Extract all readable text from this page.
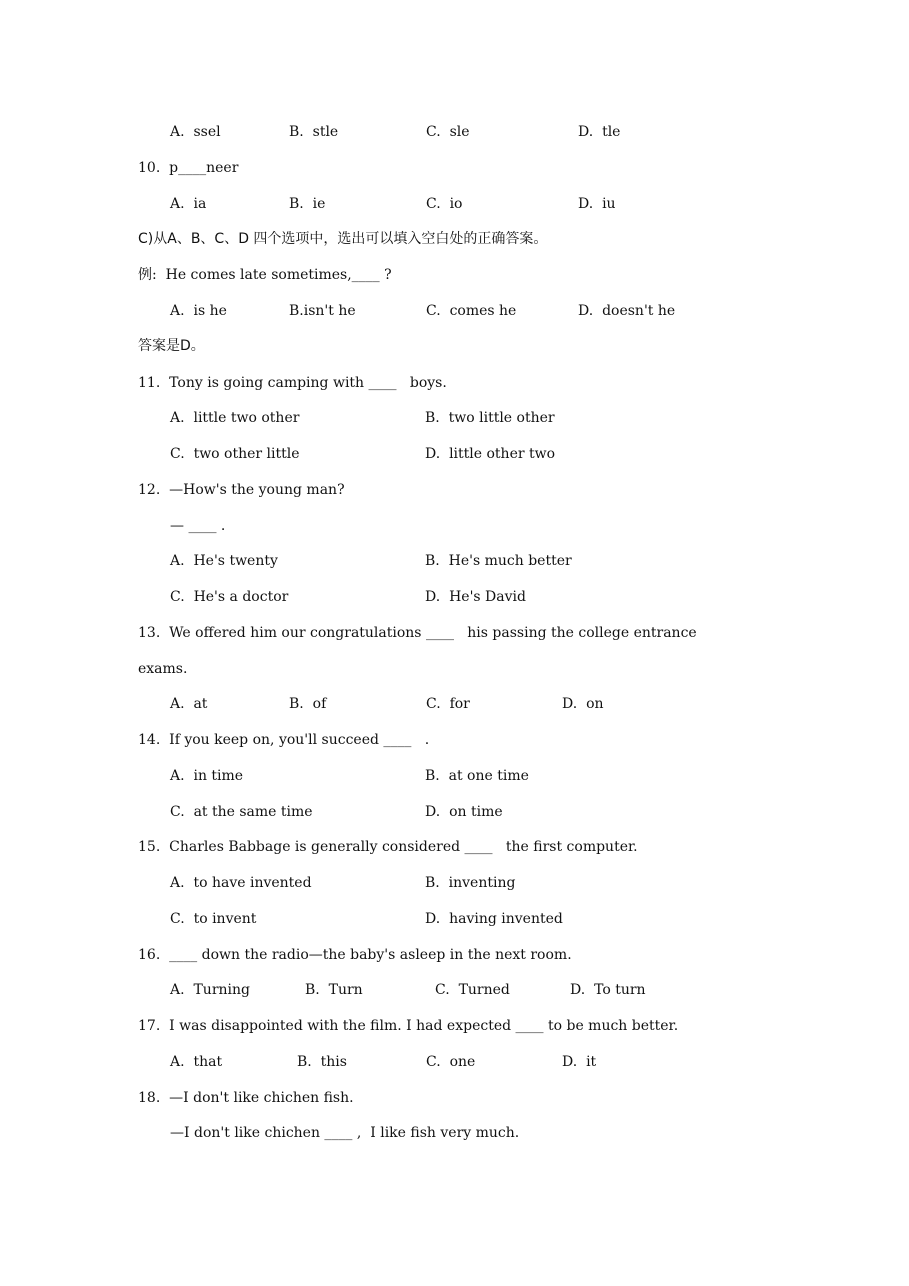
A.  ssel	B.  stle	C.  sle	D.  tle
10.  p____neer
A.  ia	B.  ie	C.  io	D.  iu
C)从A、B、C、D 四个选项中，选出可以填入空白处的正确答案。
例:  He comes late sometimes,____ ?
A.  is he	B.isn't he	C.  comes he	D.  doesn't he
答案是D。
11.  Tony is going camping with ____   boys.
A.  little two other	B.  two little other
C.  two other little	D.  little other two
12.  —How's the young man?
— ____ .
A.  He's twenty	B.  He's much better
C.  He's a doctor	D.  He's David
13.  We offered him our congratulations ____   his passing the college entrance
exams.
A.  at	B.  of	C.  for	D.  on
14.  If you keep on, you'll succeed ____   .
A.  in time	B.  at one time
C.  at the same time	D.  on time
15.  Charles Babbage is generally considered ____   the first computer.
A.  to have invented	B.  inventing
C.  to invent	D.  having invented
16.  ____ down the radio—the baby's asleep in the next room.
A.  Turning	B.  Turn	C.  Turned	D.  To turn
17.  I was disappointed with the film. I had expected ____ to be much better.
A.  that	B.  this	C.  one	D.  it
18.  —I don't like chichen fish.
—I don't like chichen ____ ,  I like fish very much.
